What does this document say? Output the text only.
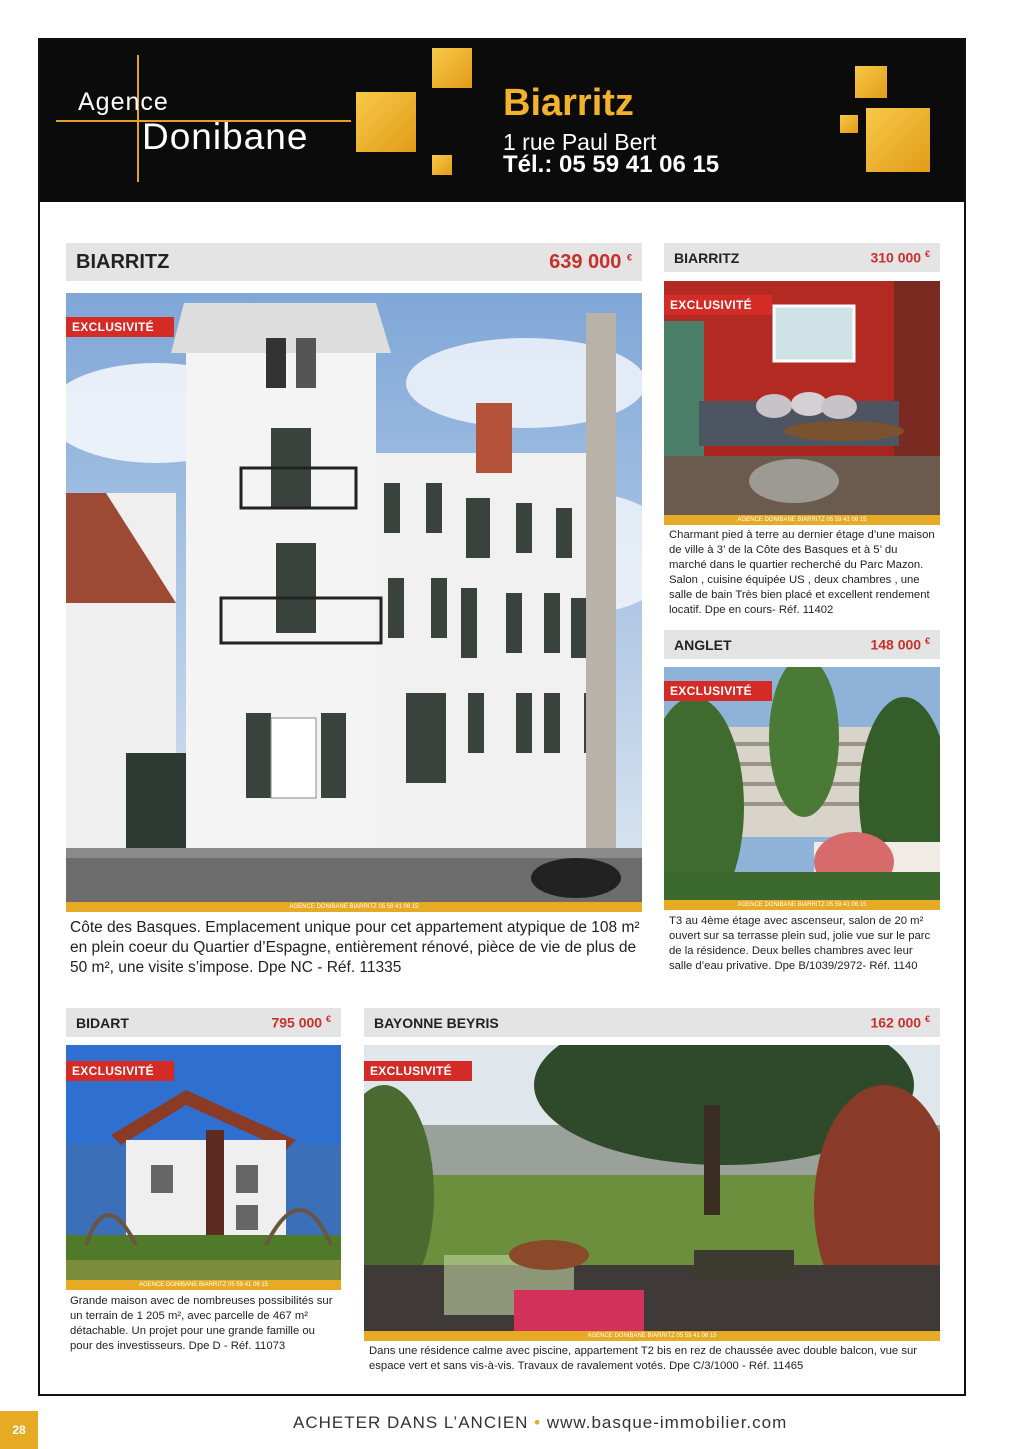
Agence
Donibane
Biarritz
1 rue Paul Bert
Tél.: 05 59 41 06 15
BIARRITZ	639 000 €
EXCLUSIVITÉ
AGENCE DONIBANE BIARRITZ 05 59 41 06 15
Côte des Basques. Emplacement unique pour cet appartement atypique de 108 m² en plein coeur du Quartier d’Espagne, entièrement rénové, pièce de vie de plus de 50 m², une visite s’impose. Dpe NC - Réf. 11335
BIARRITZ	310 000 €
EXCLUSIVITÉ
AGENCE DONIBANE BIARRITZ 05 59 41 06 15
Charmant pied à terre au dernier étage d’une maison de ville à 3’ de la Côte des Basques et à 5’ du marché dans le quartier recherché du Parc Mazon. Salon , cuisine équipée US , deux chambres , une salle de bain Très bien placé et excellent rendement locatif. Dpe en cours- Réf. 11402
ANGLET	148 000 €
EXCLUSIVITÉ
AGENCE DONIBANE BIARRITZ 05 59 41 06 15
T3 au 4ème étage avec ascenseur, salon de 20 m² ouvert sur sa terrasse plein sud, jolie vue sur le parc de la résidence. Deux belles chambres avec leur salle d’eau privative. Dpe B/1039/2972- Réf. 1140
BIDART	795 000 €
EXCLUSIVITÉ
AGENCE DONIBANE BIARRITZ 05 59 41 06 15
Grande maison avec de nombreuses possibilités sur un terrain de 1 205 m², avec parcelle de 467 m² détachable. Un projet pour une grande famille ou pour des investisseurs. Dpe D - Réf. 11073
BAYONNE BEYRIS	162 000 €
EXCLUSIVITÉ
AGENCE DONIBANE BIARRITZ 05 59 41 06 15
Dans une résidence calme avec piscine, appartement T2 bis en rez de chaussée avec double balcon, vue sur espace vert et sans vis-à-vis. Travaux de ravalement votés. Dpe C/3/1000 - Réf. 11465
28	ACHETER DANS L’ANCIEN • www.basque-immobilier.com
